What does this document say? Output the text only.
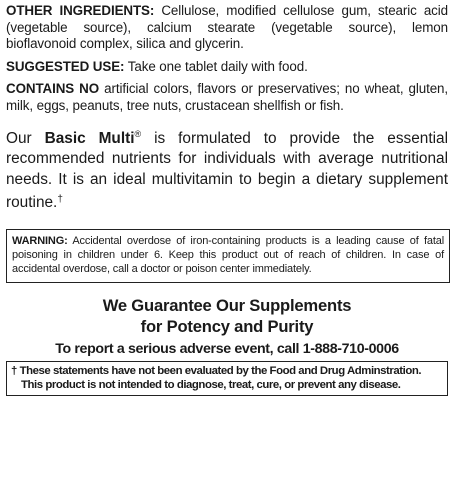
OTHER INGREDIENTS: Cellulose, modified cellulose gum, stearic acid (vegetable source), calcium stearate (vegetable source), lemon bioflavonoid complex, silica and glycerin.

SUGGESTED USE: Take one tablet daily with food.

CONTAINS NO artificial colors, flavors or preservatives; no wheat, gluten, milk, eggs, peanuts, tree nuts, crustacean shellfish or fish.

Our Basic Multi® is formulated to provide the essential recommended nutrients for individuals with average nutritional needs. It is an ideal multivitamin to begin a dietary supplement routine.†

WARNING: Accidental overdose of iron-containing products is a leading cause of fatal poisoning in children under 6. Keep this product out of reach of children. In case of accidental overdose, call a doctor or poison center immediately.
We Guarantee Our Supplements
for Potency and Purity
To report a serious adverse event, call 1-888-710-0006
† These statements have not been evaluated by the Food and Drug Adminstration.
This product is not intended to diagnose, treat, cure, or prevent any disease.
